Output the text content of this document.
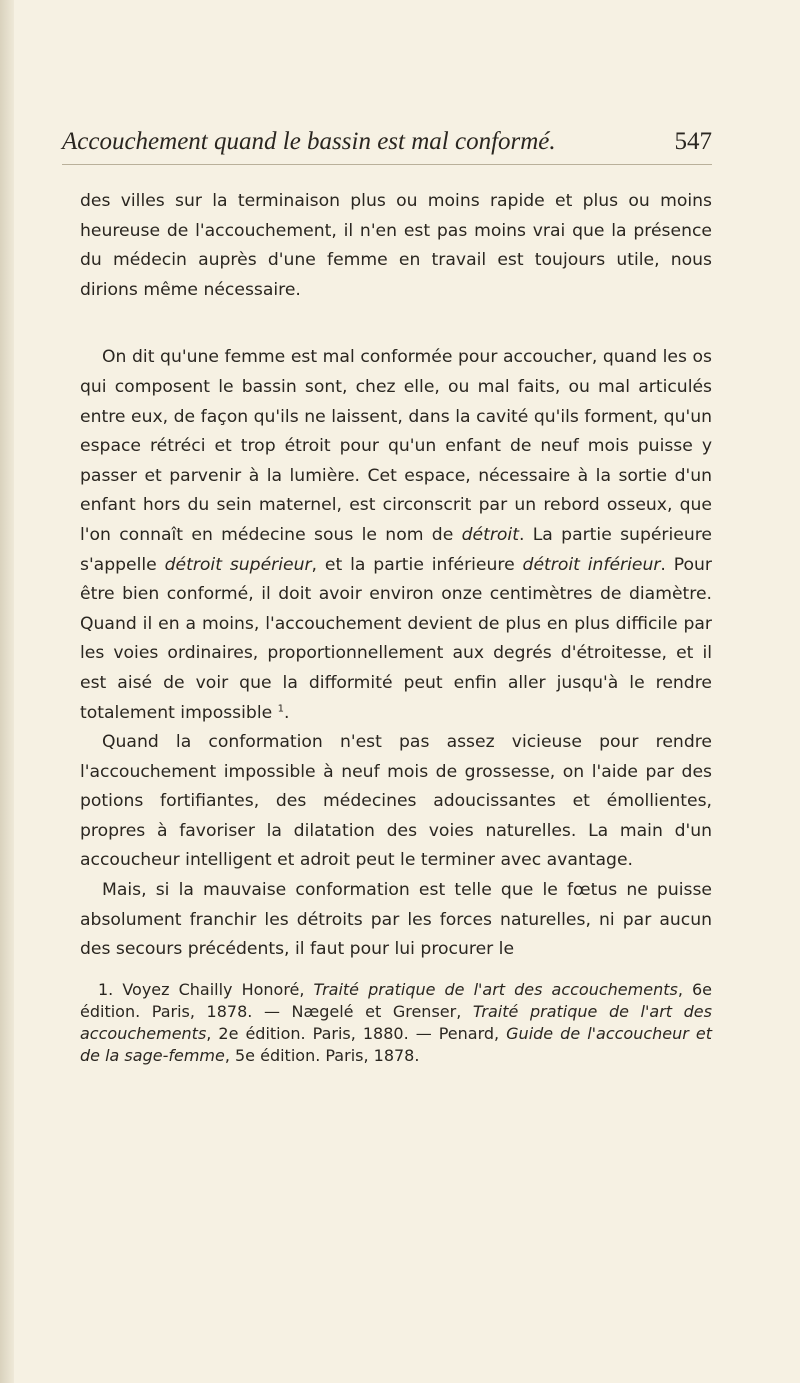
Accouchement quand le bassin est mal conformé.	547

des villes sur la terminaison plus ou moins rapide et plus ou moins heureuse de l'accouchement, il n'en est pas moins vrai que la présence du médecin auprès d'une femme en travail est toujours utile, nous dirions même nécessaire.

On dit qu'une femme est mal conformée pour accoucher, quand les os qui composent le bassin sont, chez elle, ou mal faits, ou mal articulés entre eux, de façon qu'ils ne laissent, dans la cavité qu'ils forment, qu'un espace rétréci et trop étroit pour qu'un enfant de neuf mois puisse y passer et parvenir à la lumière. Cet espace, nécessaire à la sortie d'un enfant hors du sein maternel, est circonscrit par un rebord osseux, que l'on connaît en médecine sous le nom de détroit. La partie supérieure s'appelle détroit supérieur, et la partie inférieure détroit inférieur. Pour être bien conformé, il doit avoir environ onze centimètres de diamètre. Quand il en a moins, l'accouchement devient de plus en plus difficile par les voies ordinaires, proportionnellement aux degrés d'étroitesse, et il est aisé de voir que la difformité peut enfin aller jusqu'à le rendre totalement impossible $^1$.

Quand la conformation n'est pas assez vicieuse pour rendre l'accouchement impossible à neuf mois de grossesse, on l'aide par des potions fortifiantes, des médecines adoucissantes et émollientes, propres à favoriser la dilatation des voies naturelles. La main d'un accoucheur intelligent et adroit peut le terminer avec avantage.

Mais, si la mauvaise conformation est telle que le fœtus ne puisse absolument franchir les détroits par les forces naturelles, ni par aucun des secours précédents, il faut pour lui procurer le

1. Voyez Chailly Honoré, Traité pratique de l'art des accouchements, 6e édition. Paris, 1878. — Nægelé et Grenser, Traité pratique de l'art des accouchements, 2e édition. Paris, 1880. — Penard, Guide de l'accoucheur et de la sage-femme, 5e édition. Paris, 1878.
